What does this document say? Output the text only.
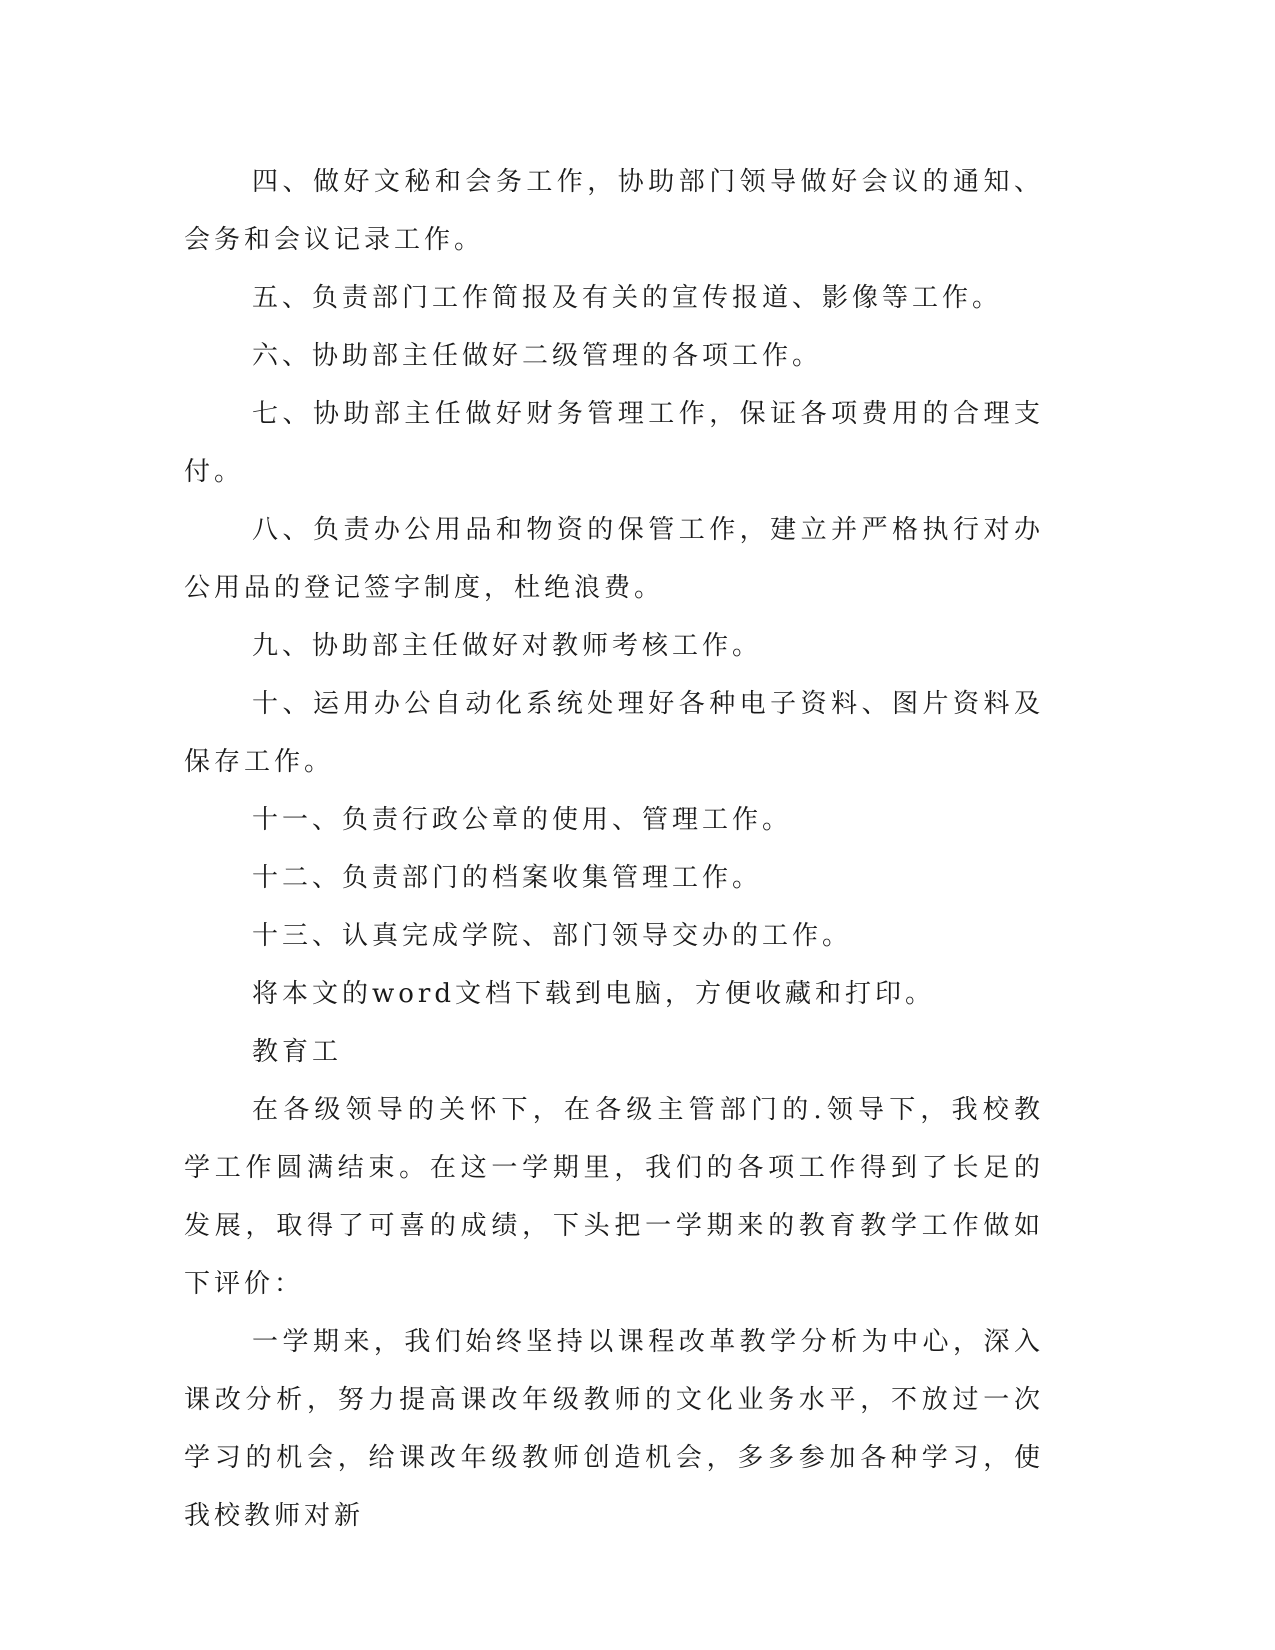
四、做好文秘和会务工作，协助部门领导做好会议的通知、会务和会议记录工作。

五、负责部门工作简报及有关的宣传报道、影像等工作。

六、协助部主任做好二级管理的各项工作。

七、协助部主任做好财务管理工作，保证各项费用的合理支付。

八、负责办公用品和物资的保管工作，建立并严格执行对办公用品的登记签字制度，杜绝浪费。

九、协助部主任做好对教师考核工作。

十、运用办公自动化系统处理好各种电子资料、图片资料及保存工作。

十一、负责行政公章的使用、管理工作。

十二、负责部门的档案收集管理工作。

十三、认真完成学院、部门领导交办的工作。

将本文的word文档下载到电脑，方便收藏和打印。

教育工

在各级领导的关怀下，在各级主管部门的.领导下，我校教学工作圆满结束。在这一学期里，我们的各项工作得到了长足的发展，取得了可喜的成绩，下头把一学期来的教育教学工作做如下评价：

一学期来，我们始终坚持以课程改革教学分析为中心，深入课改分析，努力提高课改年级教师的文化业务水平，不放过一次学习的机会，给课改年级教师创造机会，多多参加各种学习，使我校教师对新
